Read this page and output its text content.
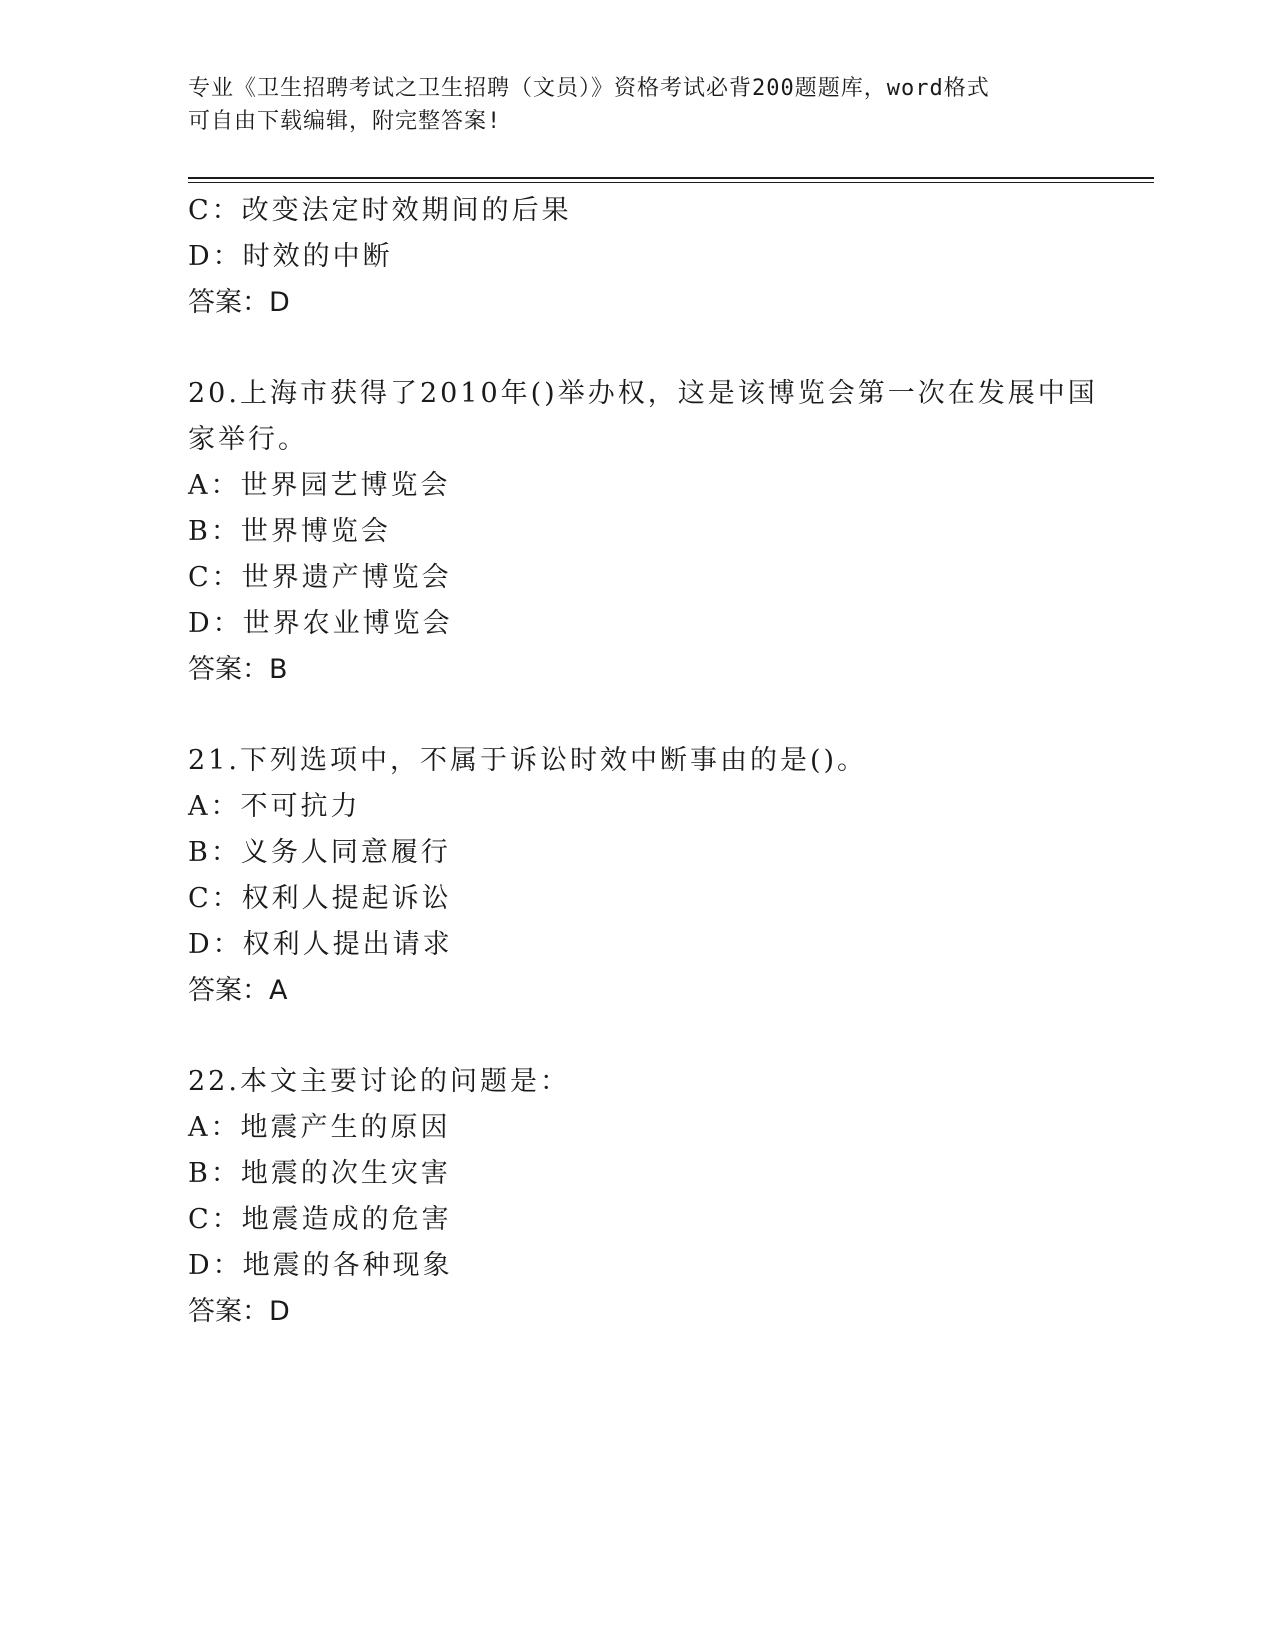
专业《卫生招聘考试之卫生招聘（文员）》资格考试必背200题题库，word格式
可自由下载编辑，附完整答案!
C：改变法定时效期间的后果
D：时效的中断
答案：D
20.上海市获得了2010年()举办权，这是该博览会第一次在发展中国
家举行。
A：世界园艺博览会
B：世界博览会
C：世界遗产博览会
D：世界农业博览会
答案：B
21.下列选项中，不属于诉讼时效中断事由的是()。
A：不可抗力
B：义务人同意履行
C：权利人提起诉讼
D：权利人提出请求
答案：A
22.本文主要讨论的问题是：
A：地震产生的原因
B：地震的次生灾害
C：地震造成的危害
D：地震的各种现象
答案：D
